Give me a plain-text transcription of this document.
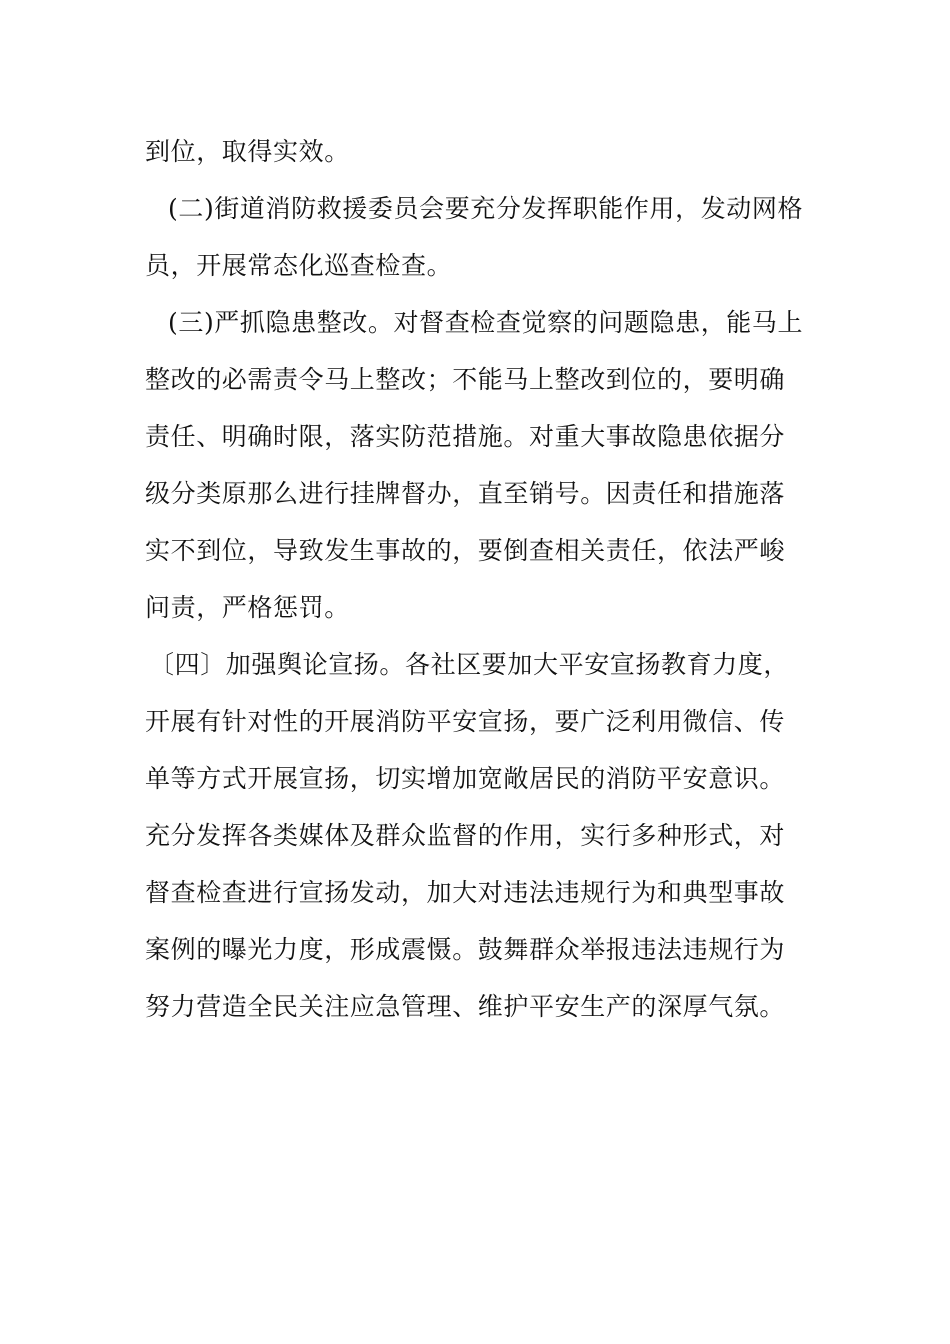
到位，取得实效。
(二)街道消防救援委员会要充分发挥职能作用，发动网格
员，开展常态化巡查检查。
(三)严抓隐患整改。对督查检查觉察的问题隐患，能马上
整改的必需责令马上整改；不能马上整改到位的，要明确
责任、明确时限，落实防范措施。对重大事故隐患依据分
级分类原那么进行挂牌督办，直至销号。因责任和措施落
实不到位，导致发生事故的，要倒查相关责任，依法严峻
问责，严格惩罚。
〔四〕加强舆论宣扬。各社区要加大平安宣扬教育力度，
开展有针对性的开展消防平安宣扬，要广泛利用微信、传
单等方式开展宣扬，切实增加宽敞居民的消防平安意识。
充分发挥各类媒体及群众监督的作用，实行多种形式，对
督查检查进行宣扬发动，加大对违法违规行为和典型事故
案例的曝光力度，形成震慑。鼓舞群众举报违法违规行为
努力营造全民关注应急管理、维护平安生产的深厚气氛。
